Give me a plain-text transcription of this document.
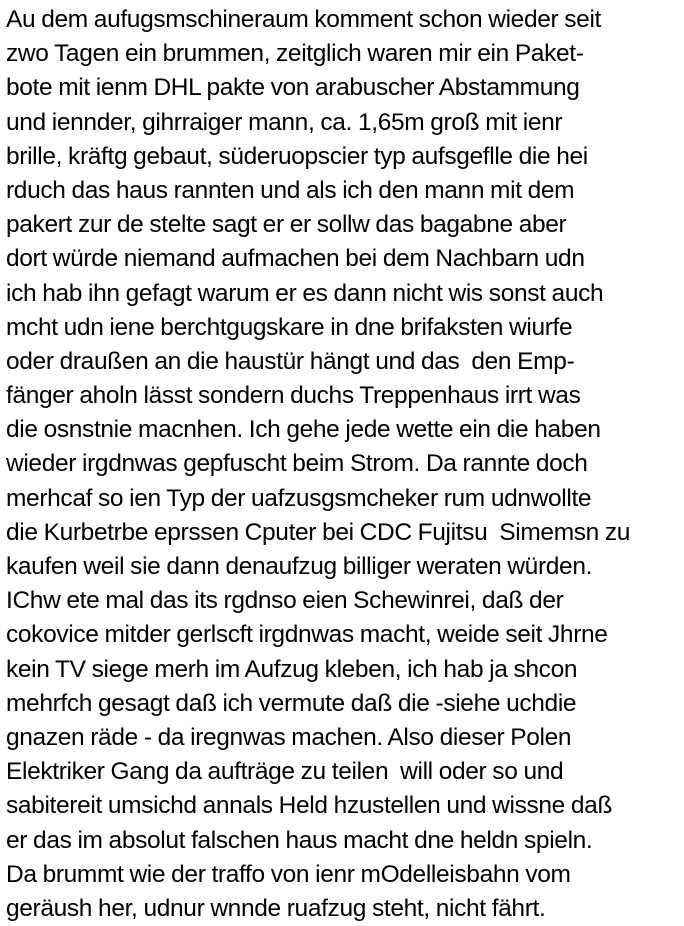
Au dem aufugsmschineraum komment schon wieder seit
zwo Tagen ein brummen, zeitglich waren mir ein Paket-
bote mit ienm DHL pakte von arabuscher Abstammung
und iennder, gihrraiger mann, ca. 1,65m groß mit ienr
brille, kräftg gebaut, süderuopscier typ aufsgeflle die hei
rduch das haus rannten und als ich den mann mit dem
pakert zur de stelte sagt er er sollw das bagabne aber
dort würde niemand aufmachen bei dem Nachbarn udn
ich hab ihn gefagt warum er es dann nicht wis sonst auch
mcht udn iene berchtgugskare in dne brifaksten wiurfe
oder draußen an die haustür hängt und das  den Emp-
fänger aholn lässt sondern duchs Treppenhaus irrt was
die osnstnie macnhen. Ich gehe jede wette ein die haben
wieder irgdnwas gepfuscht beim Strom. Da rannte doch
merhcaf so ien Typ der uafzusgsmcheker rum udnwollte
die Kurbetrbe eprssen Cputer bei CDC Fujitsu  Simemsn zu
kaufen weil sie dann denaufzug billiger weraten würden.
IChw ete mal das its rgdnso eien Schewinrei, daß der
cokovice mitder gerlscft irgdnwas macht, weide seit Jhrne
kein TV siege merh im Aufzug kleben, ich hab ja shcon
mehrfch gesagt daß ich vermute daß die -siehe uchdie
gnazen räde - da iregnwas machen. Also dieser Polen
Elektriker Gang da aufträge zu teilen  will oder so und
sabitereit umsichd annals Held hzustellen und wissne daß
er das im absolut falschen haus macht dne heldn spieln.
Da brummt wie der traffo von ienr mOdelleisbahn vom
geräush her, udnur wnnde ruafzug steht, nicht fährt.
